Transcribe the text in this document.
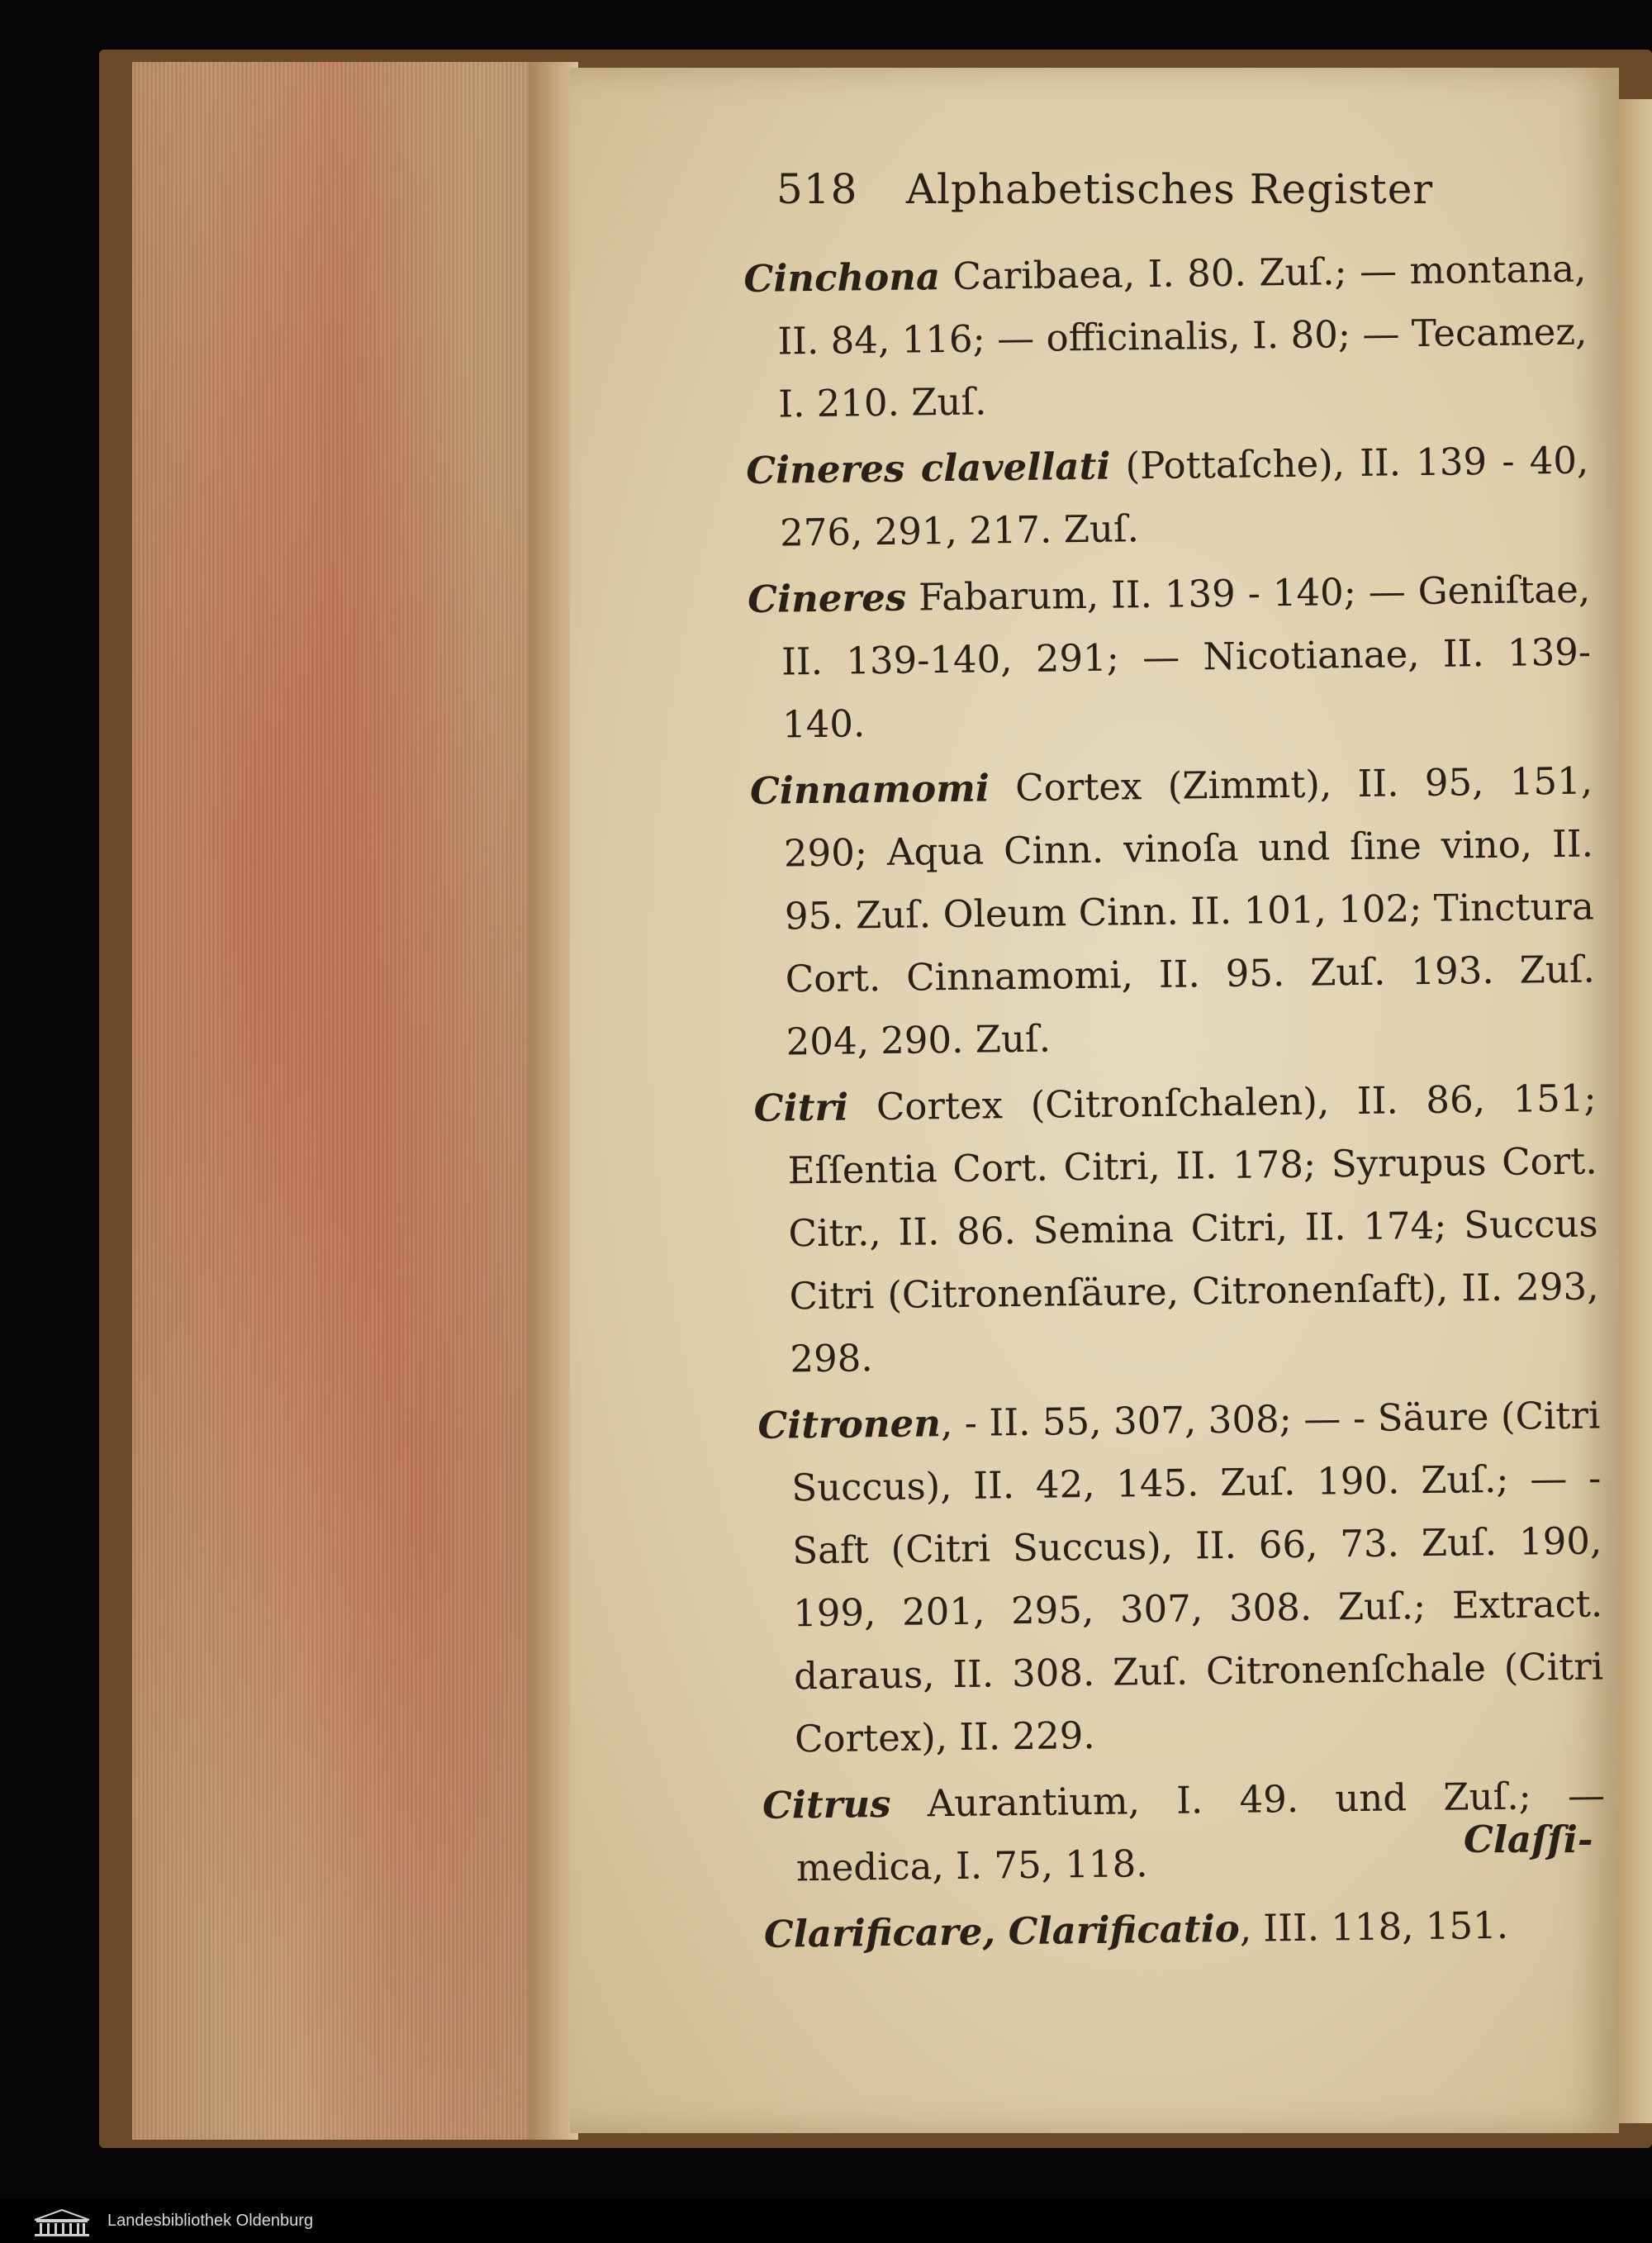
518 Alphabetisches Register

Cinchona Caribaea, I. 80. Zuſ.; — montana, II. 84, 116; — officinalis, I. 80; — Tecamez, I. 210. Zuſ.

Cineres clavellati (Pottaſche), II. 139 - 40, 276, 291, 217. Zuſ.

Cineres Fabarum, II. 139 - 140; — Geniſtae, II. 139-140, 291; — Nicotianae, II. 139-140.

Cinnamomi Cortex (Zimmt), II. 95, 151, 290; Aqua Cinn. vinoſa und ſine vino, II. 95. Zuſ. Oleum Cinn. II. 101, 102; Tinctura Cort. Cinnamomi, II. 95. Zuſ. 193. Zuſ. 204, 290. Zuſ.

Citri Cortex (Citronſchalen), II. 86, 151; Eſſentia Cort. Citri, II. 178; Syrupus Cort. Citr., II. 86. Semina Citri, II. 174; Succus Citri (Citronenſäure, Citronenſaft), II. 293, 298.

Citronen, - II. 55, 307, 308; — - Säure (Citri Succus), II. 42, 145. Zuſ. 190. Zuſ.; — - Saft (Citri Succus), II. 66, 73. Zuſ. 190, 199, 201, 295, 307, 308. Zuſ.; Extract. daraus, II. 308. Zuſ. Citronenſchale (Citri Cortex), II. 229.

Citrus Aurantium, I. 49. und Zuſ.; — medica, I. 75, 118.

Clarificare, Clarificatio, III. 118, 151.

Claſſi-
Landesbibliothek Oldenburg
